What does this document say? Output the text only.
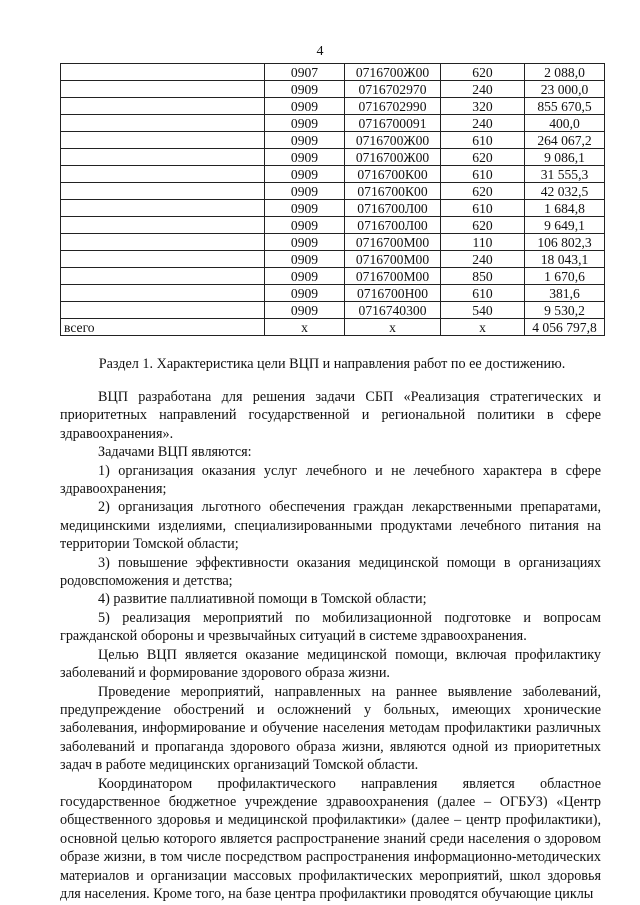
4
	0907	0716700Ж00	620	2 088,0
	0909	0716702970	240	23 000,0
	0909	0716702990	320	855 670,5
	0909	0716700091	240	400,0
	0909	0716700Ж00	610	264 067,2
	0909	0716700Ж00	620	9 086,1
	0909	0716700К00	610	31 555,3
	0909	0716700К00	620	42 032,5
	0909	0716700Л00	610	1 684,8
	0909	0716700Л00	620	9 649,1
	0909	0716700М00	110	106 802,3
	0909	0716700М00	240	18 043,1
	0909	0716700М00	850	1 670,6
	0909	0716700Н00	610	381,6
	0909	0716740300	540	9 530,2
всего	x	x	x	4 056 797,8
Раздел 1. Характеристика цели ВЦП и направления работ по ее достижению.

ВЦП разработана для решения задачи СБП «Реализация стратегических и приоритетных направлений государственной и региональной политики в сфере здравоохранения».

Задачами ВЦП являются:

1) организация оказания услуг лечебного и не лечебного характера в сфере здравоохранения;

2) организация льготного обеспечения граждан лекарственными препаратами, медицинскими изделиями, специализированными продуктами лечебного питания на территории Томской области;

3) повышение эффективности оказания медицинской помощи в организациях родовспоможения и детства;

4) развитие паллиативной помощи в Томской области;

5) реализация мероприятий по мобилизационной подготовке и вопросам гражданской обороны и чрезвычайных ситуаций в системе здравоохранения.

Целью ВЦП является оказание медицинской помощи, включая профилактику заболеваний и формирование здорового образа жизни.

Проведение мероприятий, направленных на раннее выявление заболеваний, предупреждение обострений и осложнений у больных, имеющих хронические заболевания, информирование и обучение населения методам профилактики различных заболеваний и пропаганда здорового образа жизни, являются одной из приоритетных задач в работе медицинских организаций Томской области.

Координатором профилактического направления является областное государственное бюджетное учреждение здравоохранения (далее – ОГБУЗ) «Центр общественного здоровья и медицинской профилактики» (далее – центр профилактики), основной целью которого является распространение знаний среди населения о здоровом образе жизни, в том числе посредством распространения информационно-методических материалов и организации массовых профилактических мероприятий, школ здоровья для населения. Кроме того, на базе центра профилактики проводятся обучающие циклы
